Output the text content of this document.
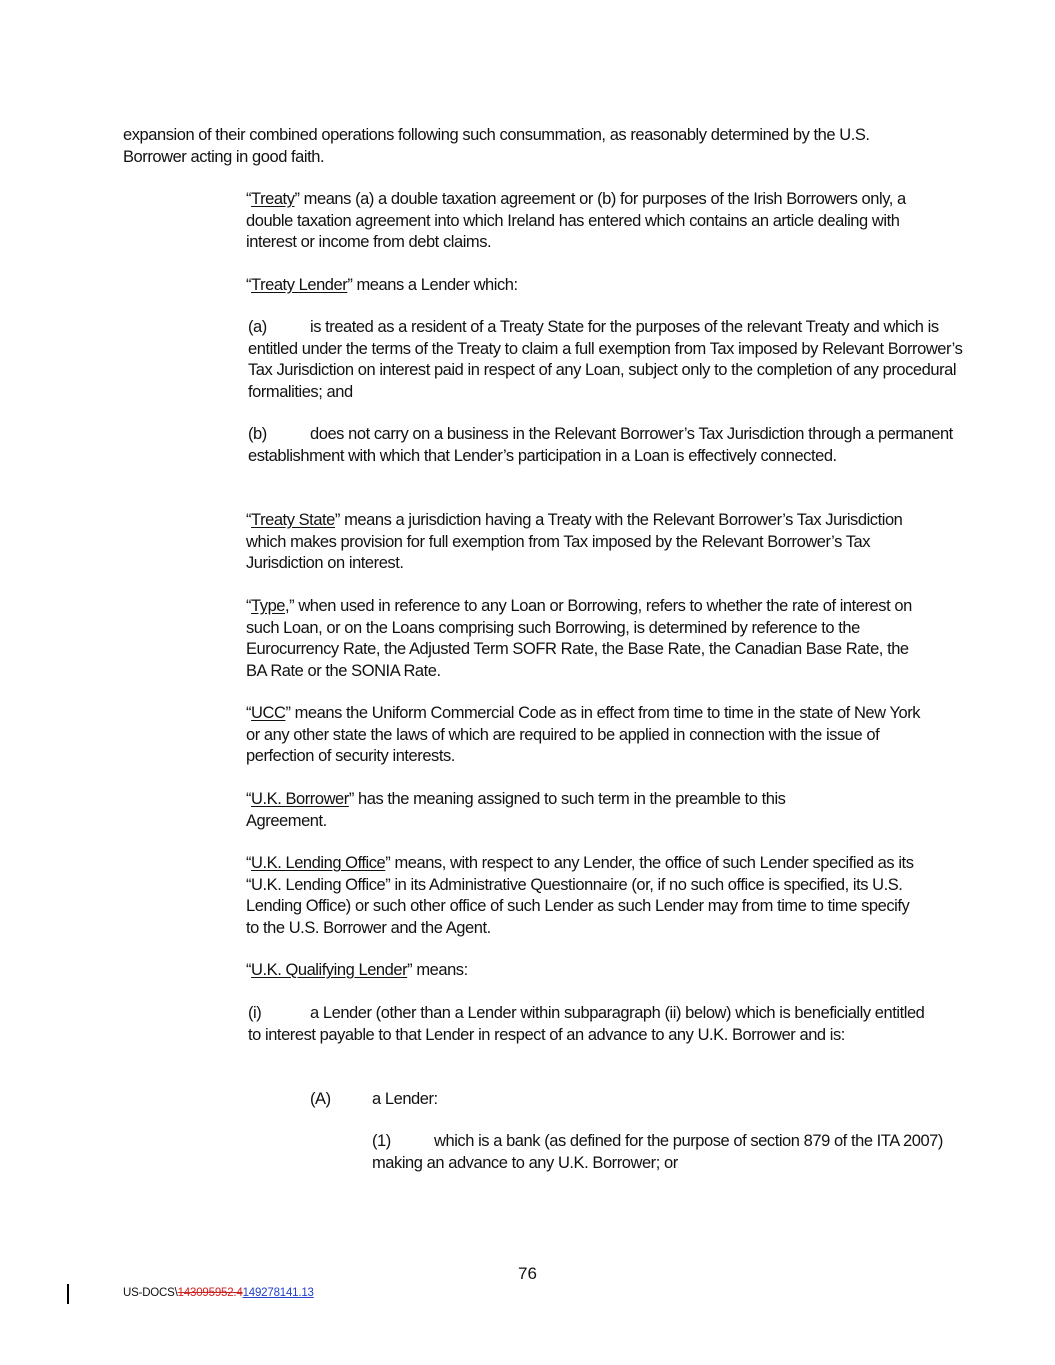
expansion of their combined operations following such consummation, as reasonably determined by the U.S. Borrower acting in good faith.

“Treaty” means (a) a double taxation agreement or (b) for purposes of the Irish Borrowers only, a double taxation agreement into which Ireland has entered which contains an article dealing with interest or income from debt claims.

“Treaty Lender” means a Lender which:

(a)	is treated as a resident of a Treaty State for the purposes of the relevant Treaty and which is entitled under the terms of the Treaty to claim a full exemption from Tax imposed by Relevant Borrower’s Tax Jurisdiction on interest paid in respect of any Loan, subject only to the completion of any procedural formalities; and

(b)	does not carry on a business in the Relevant Borrower’s Tax Jurisdiction through a permanent establishment with which that Lender’s participation in a Loan is effectively connected.

“Treaty State” means a jurisdiction having a Treaty with the Relevant Borrower’s Tax Jurisdiction which makes provision for full exemption from Tax imposed by the Relevant Borrower’s Tax Jurisdiction on interest.

“Type,” when used in reference to any Loan or Borrowing, refers to whether the rate of interest on such Loan, or on the Loans comprising such Borrowing, is determined by reference to the Eurocurrency Rate, the Adjusted Term SOFR Rate, the Base Rate, the Canadian Base Rate, the BA Rate or the SONIA Rate.

“UCC” means the Uniform Commercial Code as in effect from time to time in the state of New York or any other state the laws of which are required to be applied in connection with the issue of perfection of security interests.

“U.K. Borrower” has the meaning assigned to such term in the preamble to this Agreement.

“U.K. Lending Office” means, with respect to any Lender, the office of such Lender specified as its “U.K. Lending Office” in its Administrative Questionnaire (or, if no such office is specified, its U.S. Lending Office) or such other office of such Lender as such Lender may from time to time specify to the U.S. Borrower and the Agent.

“U.K. Qualifying Lender” means:

(i)	a Lender (other than a Lender within subparagraph (ii) below) which is beneficially entitled to interest payable to that Lender in respect of an advance to any U.K. Borrower and is:

(A)	a Lender:

(1)	which is a bank (as defined for the purpose of section 879 of the ITA 2007) making an advance to any U.K. Borrower; or

76
US-DOCS\143095952.4149278141.13
